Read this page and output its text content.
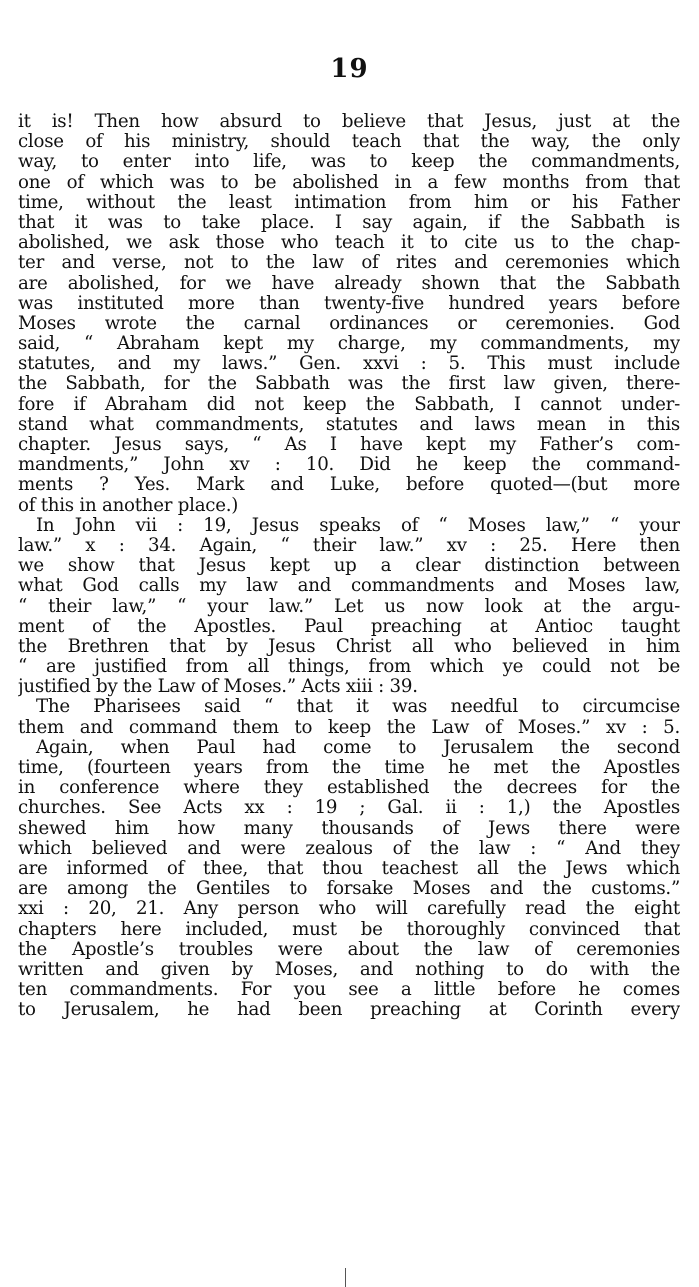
19
it is! Then how absurd to believe that Jesus, just at the
close of his ministry, should teach that the way, the only
way, to enter into life, was to keep the commandments,
one of which was to be abolished in a few months from that
time, without the least intimation from him or his Father
that it was to take place. I say again, if the Sabbath is
abolished, we ask those who teach it to cite us to the chap-
ter and verse, not to the law of rites and ceremonies which
are abolished, for we have already shown that the Sabbath
was instituted more than twenty-five hundred years before
Moses wrote the carnal ordinances or ceremonies. God
said, “ Abraham kept my charge, my commandments, my
statutes, and my laws.” Gen. xxvi : 5. This must include
the Sabbath, for the Sabbath was the first law given, there-
fore if Abraham did not keep the Sabbath, I cannot under-
stand what commandments, statutes and laws mean in this
chapter. Jesus says, “ As I have kept my Father’s com-
mandments,” John xv : 10. Did he keep the command-
ments ? Yes. Mark and Luke, before quoted—(but more
of this in another place.)
In John vii : 19, Jesus speaks of “ Moses law,” “ your
law.” x : 34. Again, “ their law.” xv : 25. Here then
we show that Jesus kept up a clear distinction between
what God calls my law and commandments and Moses law,
“ their law,” “ your law.” Let us now look at the argu-
ment of the Apostles. Paul preaching at Antioc taught
the Brethren that by Jesus Christ all who believed in him
“ are justified from all things, from which ye could not be
justified by the Law of Moses.” Acts xiii : 39.
The Pharisees said “ that it was needful to circumcise
them and command them to keep the Law of Moses.” xv : 5.
Again, when Paul had come to Jerusalem the second
time, (fourteen years from the time he met the Apostles
in conference where they established the decrees for the
churches. See Acts xx : 19 ; Gal. ii : 1,) the Apostles
shewed him how many thousands of Jews there were
which believed and were zealous of the law : “ And they
are informed of thee, that thou teachest all the Jews which
are among the Gentiles to forsake Moses and the customs.”
xxi : 20, 21. Any person who will carefully read the eight
chapters here included, must be thoroughly convinced that
the Apostle’s troubles were about the law of ceremonies
written and given by Moses, and nothing to do with the
ten commandments. For you see a little before he comes
to Jerusalem, he had been preaching at Corinth every
